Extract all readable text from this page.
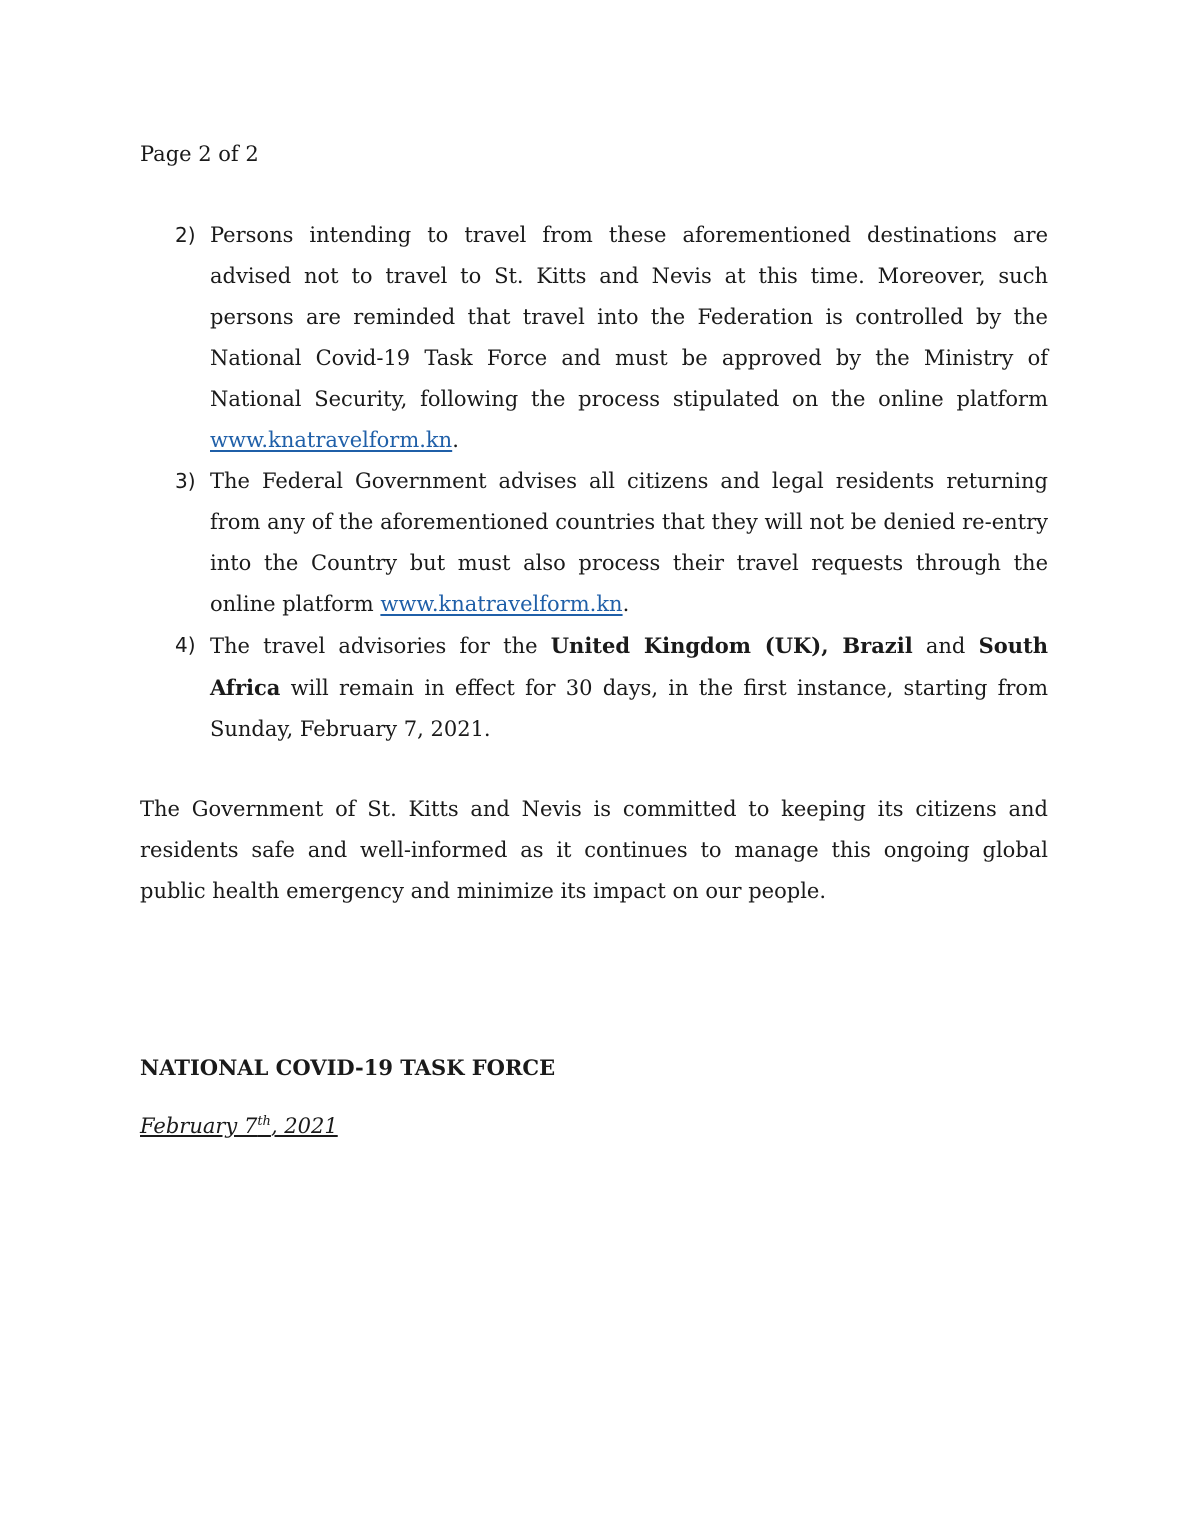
Page 2 of 2
2) Persons intending to travel from these aforementioned destinations are advised not to travel to St. Kitts and Nevis at this time. Moreover, such persons are reminded that travel into the Federation is controlled by the National Covid-19 Task Force and must be approved by the Ministry of National Security, following the process stipulated on the online platform www.knatravelform.kn.
3) The Federal Government advises all citizens and legal residents returning from any of the aforementioned countries that they will not be denied re-entry into the Country but must also process their travel requests through the online platform www.knatravelform.kn.
4) The travel advisories for the United Kingdom (UK), Brazil and South Africa will remain in effect for 30 days, in the first instance, starting from Sunday, February 7, 2021.

The Government of St. Kitts and Nevis is committed to keeping its citizens and residents safe and well-informed as it continues to manage this ongoing global public health emergency and minimize its impact on our people.

NATIONAL COVID-19 TASK FORCE
February 7th, 2021
